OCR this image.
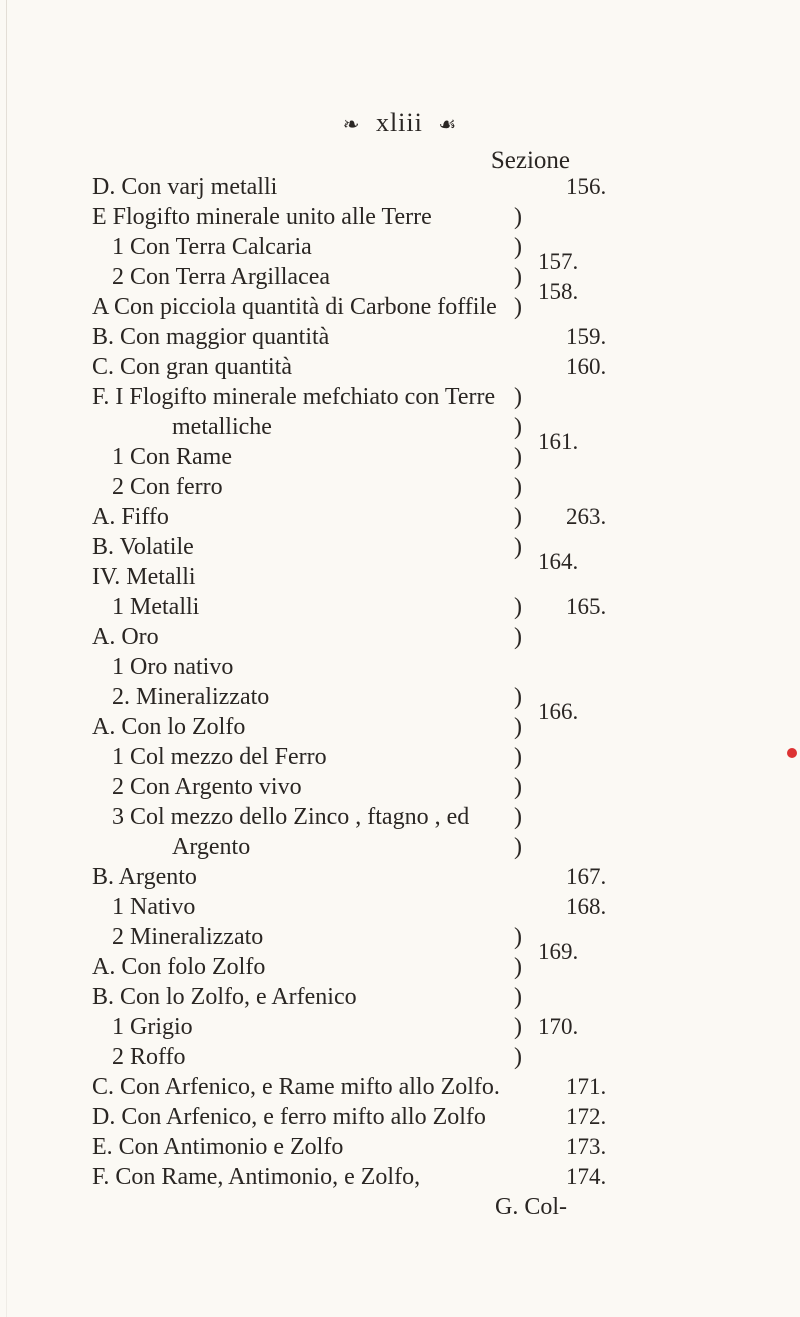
❧ xliii ☙
Sezione
D. Con varj metalli
E Flogifto minerale unito alle Terre
1 Con Terra Calcaria
2 Con Terra Argillacea
A Con picciola quantità di Carbone foffile
B. Con maggior quantità
C. Con gran quantità
F. I Flogifto minerale mefchiato con Terre
metalliche
1 Con Rame
2 Con ferro
A. Fiffo
B. Volatile
IV. Metalli
1 Metalli
A. Oro
1 Oro nativo
2. Mineralizzato
A. Con lo Zolfo
1 Col mezzo del Ferro
2 Con Argento vivo
3 Col mezzo dello Zinco , ftagno , ed
Argento
B. Argento
1 Nativo
2 Mineralizzato
A. Con folo Zolfo
B. Con lo Zolfo, e Arfenico
1 Grigio
2 Roffo
C. Con Arfenico, e Rame mifto allo Zolfo.
D. Con Arfenico, e ferro mifto allo Zolfo
E. Con Antimonio e Zolfo
F. Con Rame, Antimonio, e Zolfo,
)
)
)
)
)
)
)
)
)
)
)
)
)
)
)
)
)
)
)
)
)
)
)
156.
157.
158.
159.
160.
161.
263.
164.
165.
166.
167.
168.
169.
170.
171.
172.
173.
174.
G. Col-
